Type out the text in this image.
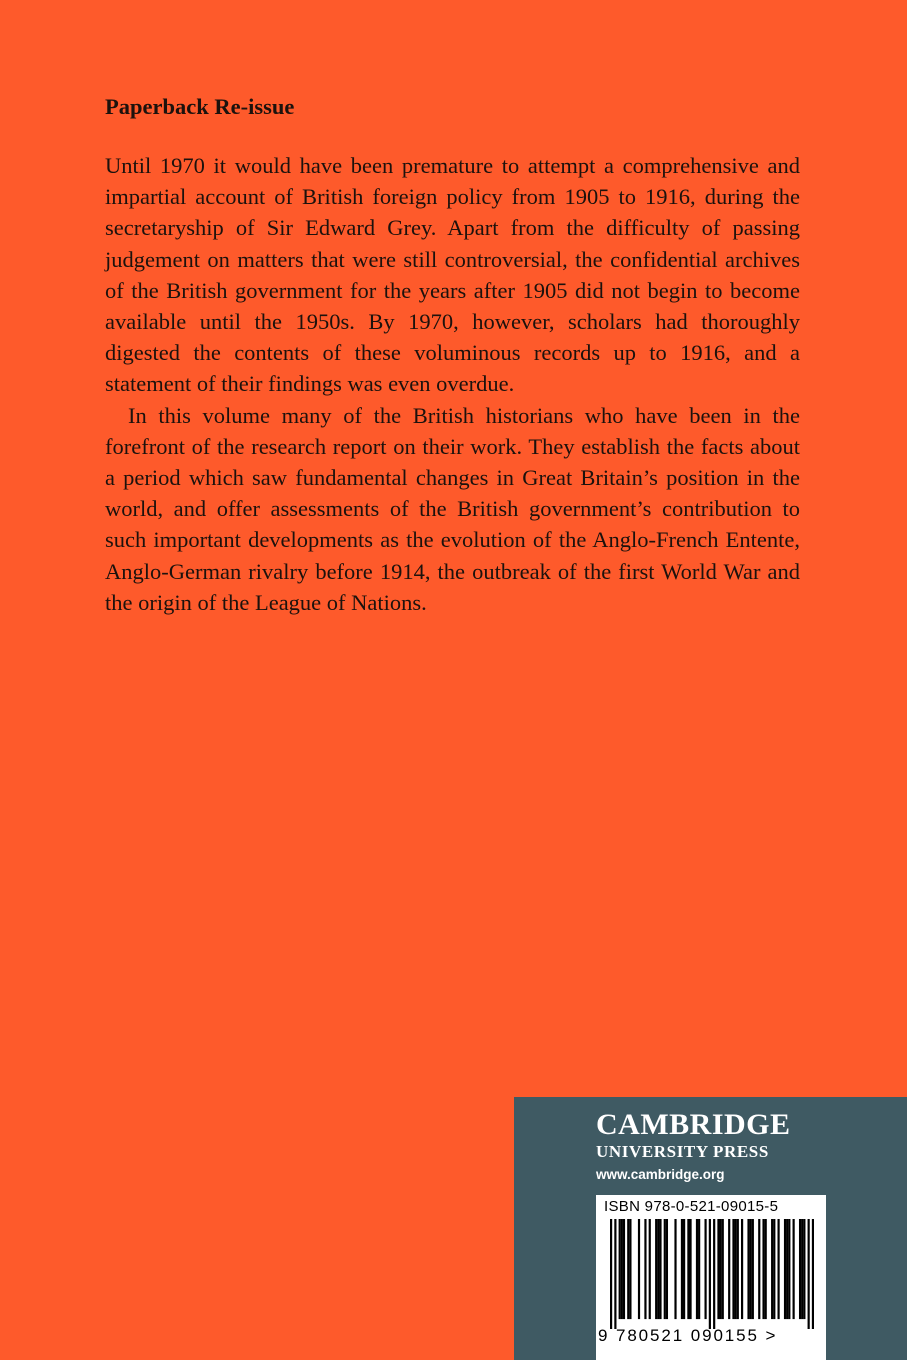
Paperback Re-issue

Until 1970 it would have been premature to attempt a comprehensive and impartial account of British foreign policy from 1905 to 1916, during the secretaryship of Sir Edward Grey. Apart from the difficulty of passing judgement on matters that were still controversial, the confidential archives of the British government for the years after 1905 did not begin to become available until the 1950s. By 1970, however, scholars had thoroughly digested the contents of these voluminous records up to 1916, and a statement of their findings was even overdue.

In this volume many of the British historians who have been in the forefront of the research report on their work. They establish the facts about a period which saw fundamental changes in Great Britain’s position in the world, and offer assessments of the British government’s contribution to such important developments as the evolution of the Anglo-French Entente, Anglo-German rivalry before 1914, the outbreak of the first World War and the origin of the League of Nations.

CAMBRIDGE
UNIVERSITY PRESS
www.cambridge.org
ISBN 978-0-521-09015-5
9 780521 090155 >
